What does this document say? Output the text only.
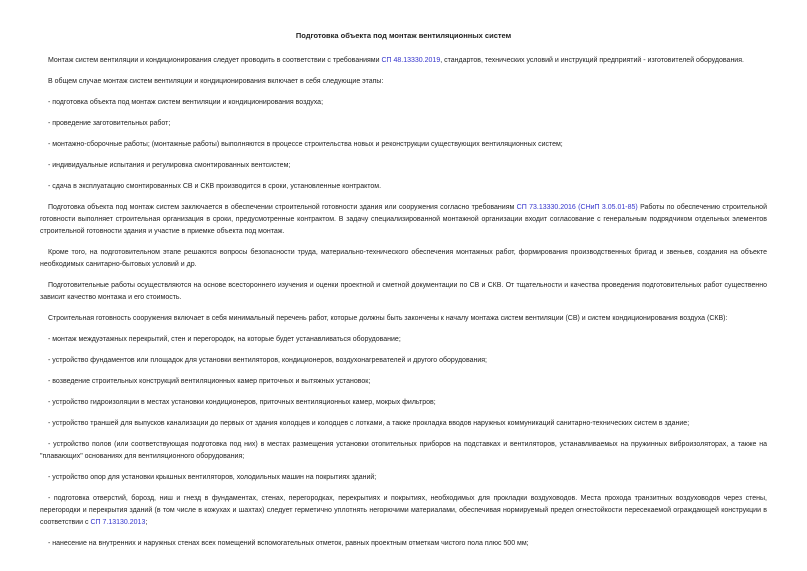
Подготовка объекта под монтаж вентиляционных систем

Монтаж систем вентиляции и кондиционирования следует проводить в соответствии с требованиями СП 48.13330.2019, стандартов, технических условий и инструкций предприятий - изготовителей оборудования.

В общем случае монтаж систем вентиляции и кондиционирования включает в себя следующие этапы:

- подготовка объекта под монтаж систем вентиляции и кондиционирования воздуха;

- проведение заготовительных работ;

- монтажно-сборочные работы; (монтажные работы) выполняются в процессе строительства новых и реконструкции существующих вентиляционных систем;

- индивидуальные испытания и регулировка смонтированных вентсистем;

- сдача в эксплуатацию смонтированных СВ и СКВ производится в сроки, установленные контрактом.

Подготовка объекта под монтаж систем заключается в обеспечении строительной готовности здания или сооружения согласно требованиям СП 73.13330.2016 (СНиП 3.05.01-85) Работы по обеспечению строительной готовности выполняет строительная организация в сроки, предусмотренные контрактом. В задачу специализированной монтажной организации входит согласование с генеральным подрядчиком отдельных элементов строительной готовности здания и участие в приемке объекта под монтаж.

Кроме того, на подготовительном этапе решаются вопросы безопасности труда, материально-технического обеспечения монтажных работ, формирования производственных бригад и звеньев, создания на объекте необходимых санитарно-бытовых условий и др.

Подготовительные работы осуществляются на основе всестороннего изучения и оценки проектной и сметной документации по СВ и СКВ. От тщательности и качества проведения подготовительных работ существенно зависит качество монтажа и его стоимость.

Строительная готовность сооружения включает в себя минимальный перечень работ, которые должны быть закончены к началу монтажа систем вентиляции (СВ) и систем кондиционирования воздуха (СКВ):

- монтаж междуэтажных перекрытий, стен и перегородок, на которые будет устанавливаться оборудование;

- устройство фундаментов или площадок для установки вентиляторов, кондиционеров, воздухонагревателей и другого оборудования;

- возведение строительных конструкций вентиляционных камер приточных и вытяжных установок;

- устройство гидроизоляции в местах установки кондиционеров, приточных вентиляционных камер, мокрых фильтров;

- устройство траншей для выпусков канализации до первых от здания колодцев и колодцев с лотками, а также прокладка вводов наружных коммуникаций санитарно-технических систем в здание;

- устройство полов (или соответствующая подготовка под них) в местах размещения установки отопительных приборов на подставках и вентиляторов, устанавливаемых на пружинных виброизоляторах, а также на "плавающих" основаниях для вентиляционного оборудования;

- устройство опор для установки крышных вентиляторов, холодильных машин на покрытиях зданий;

- подготовка отверстий, борозд, ниш и гнезд в фундаментах, стенах, перегородках, перекрытиях и покрытиях, необходимых для прокладки воздуховодов. Места прохода транзитных воздуховодов через стены, перегородки и перекрытия зданий (в том числе в кожухах и шахтах) следует герметично уплотнять негорючими материалами, обеспечивая нормируемый предел огнестойкости пересекаемой ограждающей конструкции в соответствии с СП 7.13130.2013;

- нанесение на внутренних и наружных стенах всех помещений вспомогательных отметок, равных проектным отметкам чистого пола плюс 500 мм;
